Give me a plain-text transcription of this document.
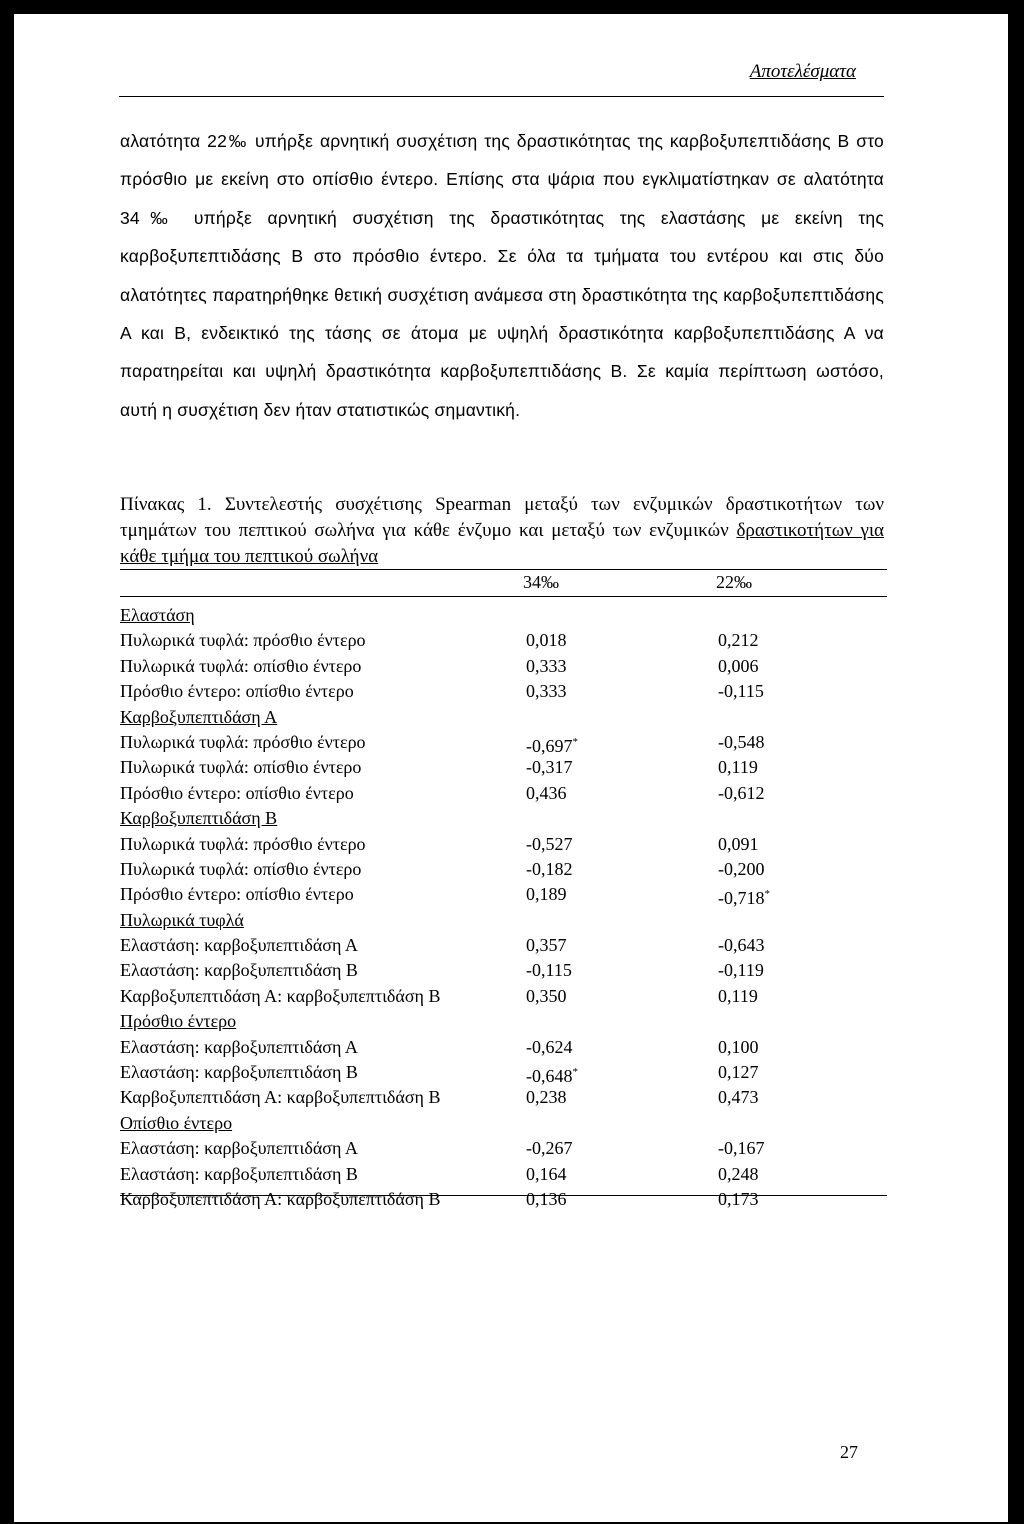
Αποτελέσματα
αλατότητα 22‰ υπήρξε αρνητική συσχέτιση της δραστικότητας της καρβοξυπεπτιδάσης Β στο πρόσθιο με εκείνη στο οπίσθιο έντερο. Επίσης στα ψάρια που εγκλιματίστηκαν σε αλατότητα 34‰ υπήρξε αρνητική συσχέτιση της δραστικότητας της ελαστάσης με εκείνη της καρβοξυπεπτιδάσης Β στο πρόσθιο έντερο. Σε όλα τα τμήματα του εντέρου και στις δύο αλατότητες παρατηρήθηκε θετική συσχέτιση ανάμεσα στη δραστικότητα της καρβοξυπεπτιδάσης Α και Β, ενδεικτικό της τάσης σε άτομα με υψηλή δραστικότητα καρβοξυπεπτιδάσης Α να παρατηρείται και υψηλή δραστικότητα καρβοξυπεπτιδάσης Β. Σε καμία περίπτωση ωστόσο, αυτή η συσχέτιση δεν ήταν στατιστικώς σημαντική.
Πίνακας 1. Συντελεστής συσχέτισης Spearman μεταξύ των ενζυμικών δραστικοτήτων των τμημάτων του πεπτικού σωλήνα για κάθε ένζυμο και μεταξύ των ενζυμικών δραστικοτήτων για κάθε τμήμα του πεπτικού σωλήνα
34‰	22‰
Ελαστάση
Πυλωρικά τυφλά: πρόσθιο έντερο	0,018	0,212
Πυλωρικά τυφλά: οπίσθιο έντερο	0,333	0,006
Πρόσθιο έντερο: οπίσθιο έντερο	0,333	-0,115
Καρβοξυπεπτιδάση Α
Πυλωρικά τυφλά: πρόσθιο έντερο	-0,697*	-0,548
Πυλωρικά τυφλά: οπίσθιο έντερο	-0,317	0,119
Πρόσθιο έντερο: οπίσθιο έντερο	0,436	-0,612
Καρβοξυπεπτιδάση Β
Πυλωρικά τυφλά: πρόσθιο έντερο	-0,527	0,091
Πυλωρικά τυφλά: οπίσθιο έντερο	-0,182	-0,200
Πρόσθιο έντερο: οπίσθιο έντερο	0,189	-0,718*
Πυλωρικά τυφλά
Ελαστάση: καρβοξυπεπτιδάση Α	0,357	-0,643
Ελαστάση: καρβοξυπεπτιδάση Β	-0,115	-0,119
Καρβοξυπεπτιδάση Α: καρβοξυπεπτιδάση Β	0,350	0,119
Πρόσθιο έντερο
Ελαστάση: καρβοξυπεπτιδάση Α	-0,624	0,100
Ελαστάση: καρβοξυπεπτιδάση Β	-0,648*	0,127
Καρβοξυπεπτιδάση Α: καρβοξυπεπτιδάση Β	0,238	0,473
Οπίσθιο έντερο
Ελαστάση: καρβοξυπεπτιδάση Α	-0,267	-0,167
Ελαστάση: καρβοξυπεπτιδάση Β	0,164	0,248
Καρβοξυπεπτιδάση Α: καρβοξυπεπτιδάση Β	0,136	0,173
27
